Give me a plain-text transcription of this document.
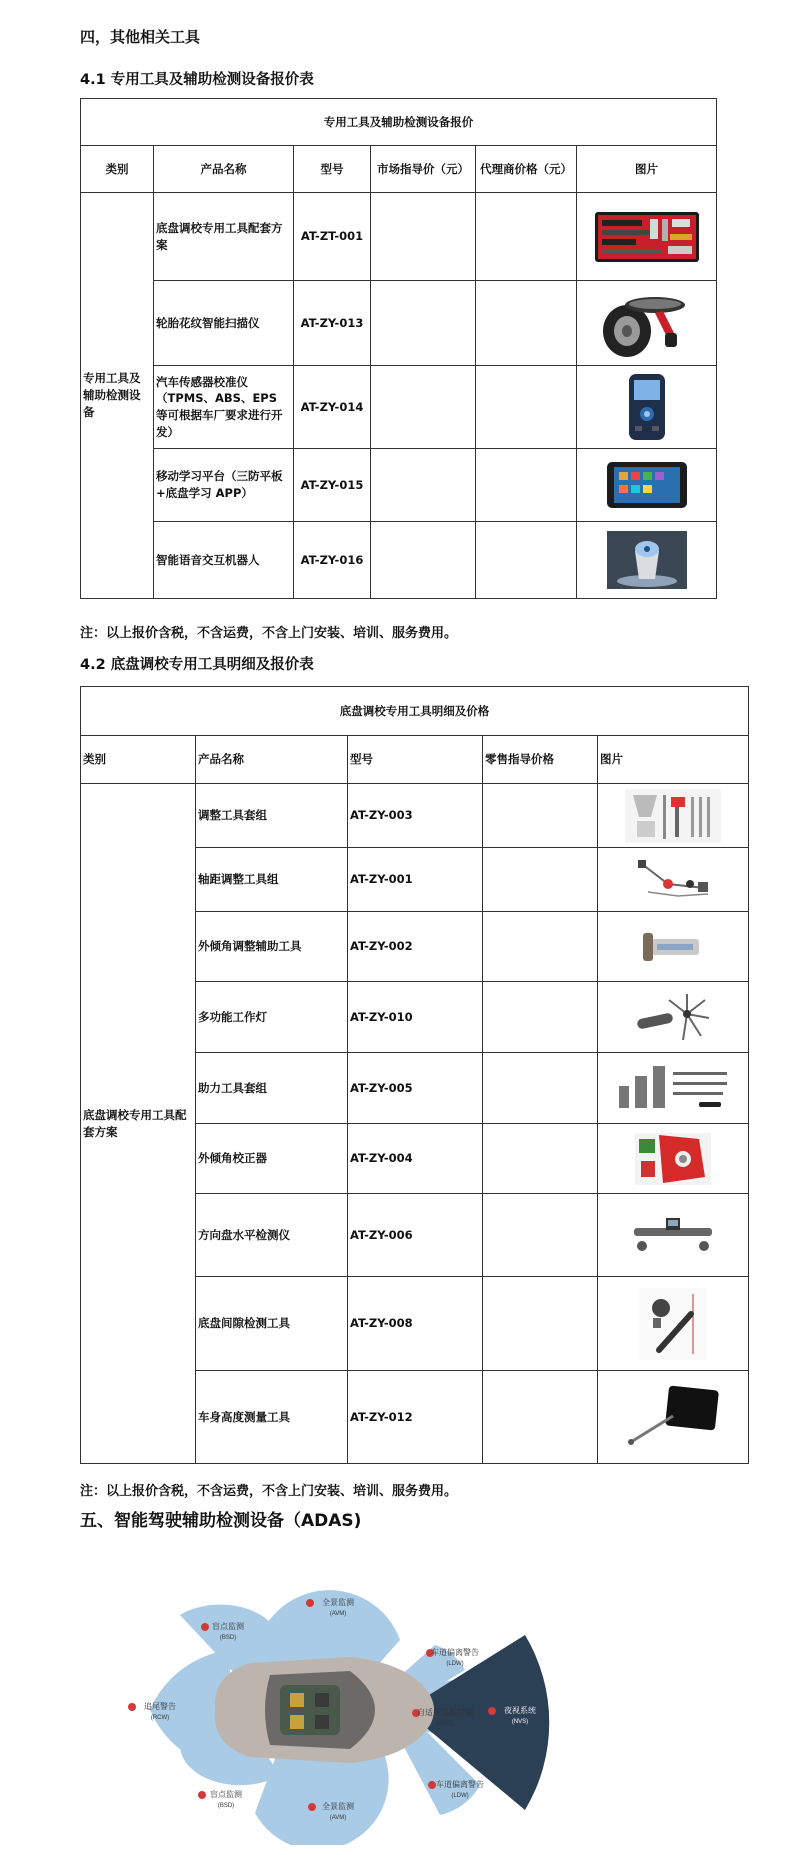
四，其他相关工具
4.1 专用工具及辅助检测设备报价表
专用工具及辅助检测设备报价					
类别	产品名称	型号	市场指导价（元）	代理商价格（元）	图片
专用工具及辅助检测设备	底盘调校专用工具配套方案	AT-ZT-001			

	轮胎花纹智能扫描仪	AT-ZY-013			

	汽车传感器校准仪（TPMS、ABS、EPS 等可根据车厂要求进行开发）	AT-ZY-014			

	移动学习平台（三防平板+底盘学习 APP）	AT-ZY-015			

	智能语音交互机器人	AT-ZY-016			
注：以上报价含税，不含运费，不含上门安装、培训、服务费用。
4.2 底盘调校专用工具明细及报价表
底盘调校专用工具明细及价格				
类别	产品名称	型号	零售指导价格	图片
底盘调校专用工具配套方案	调整工具套组	AT-ZY-003		

	轴距调整工具组	AT-ZY-001		

	外倾角调整辅助工具	AT-ZY-002		

	多功能工作灯	AT-ZY-010		

	助力工具套组	AT-ZY-005		

	外倾角校正器	AT-ZY-004		

	方向盘水平检测仪	AT-ZY-006		

	底盘间隙检测工具	AT-ZY-008		

	车身高度测量工具	AT-ZY-012		
注：以上报价含税，不含运费，不含上门安装、培训、服务费用。
五、智能驾驶辅助检测设备（ADAS)
全景监测
(AVM)
盲点监测
(BSD)
追尾警告
(RCW)
盲点监测
(BSD)	全景监测
(AVM)
车道偏离警告
(LDW)
自适应巡航控制
(ACC)
车道偏离警告
(LDW)
夜视系统
(NVS)
